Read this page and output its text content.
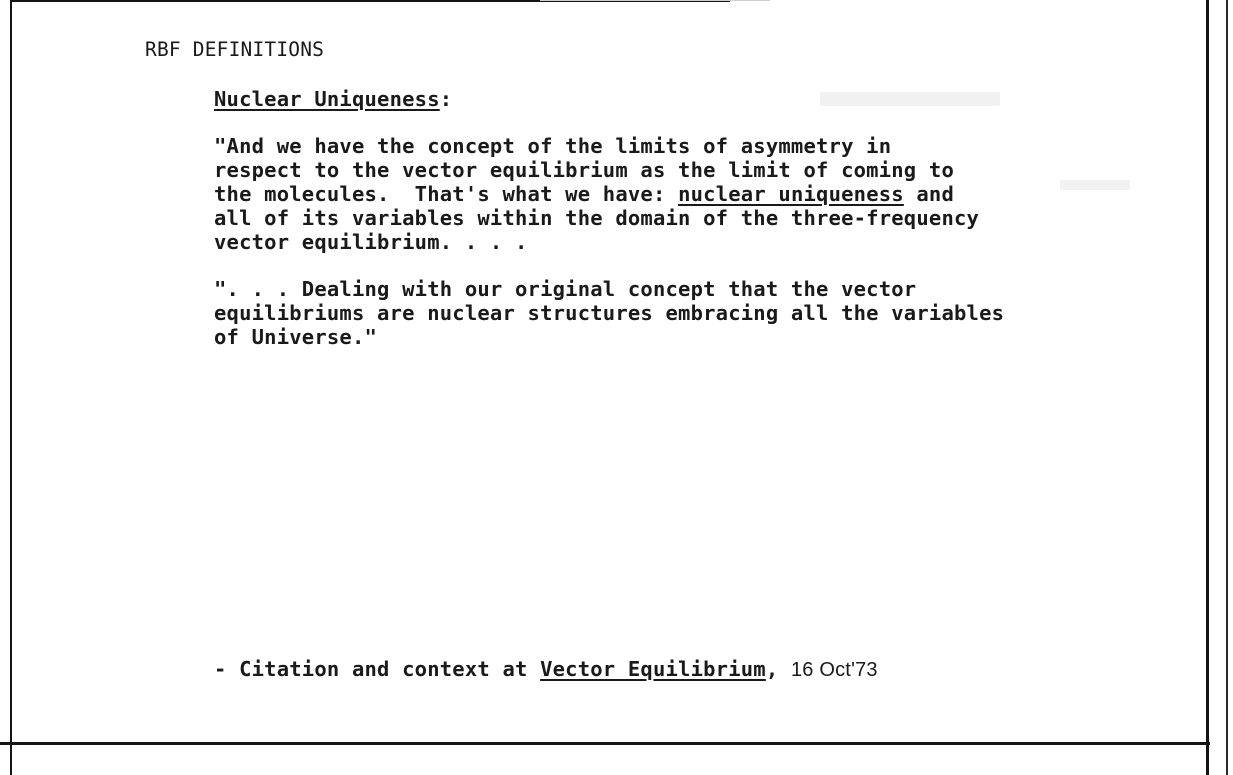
RBF DEFINITIONS
Nuclear Uniqueness:
"And we have the concept of the limits of asymmetry in
respect to the vector equilibrium as the limit of coming to
the molecules.  That's what we have: nuclear uniqueness and
all of its variables within the domain of the three-frequency
vector equilibrium. . . .
". . . Dealing with our original concept that the vector
equilibriums are nuclear structures embracing all the variables
of Universe."
- Citation and context at Vector Equilibrium, 16 Oct'73
